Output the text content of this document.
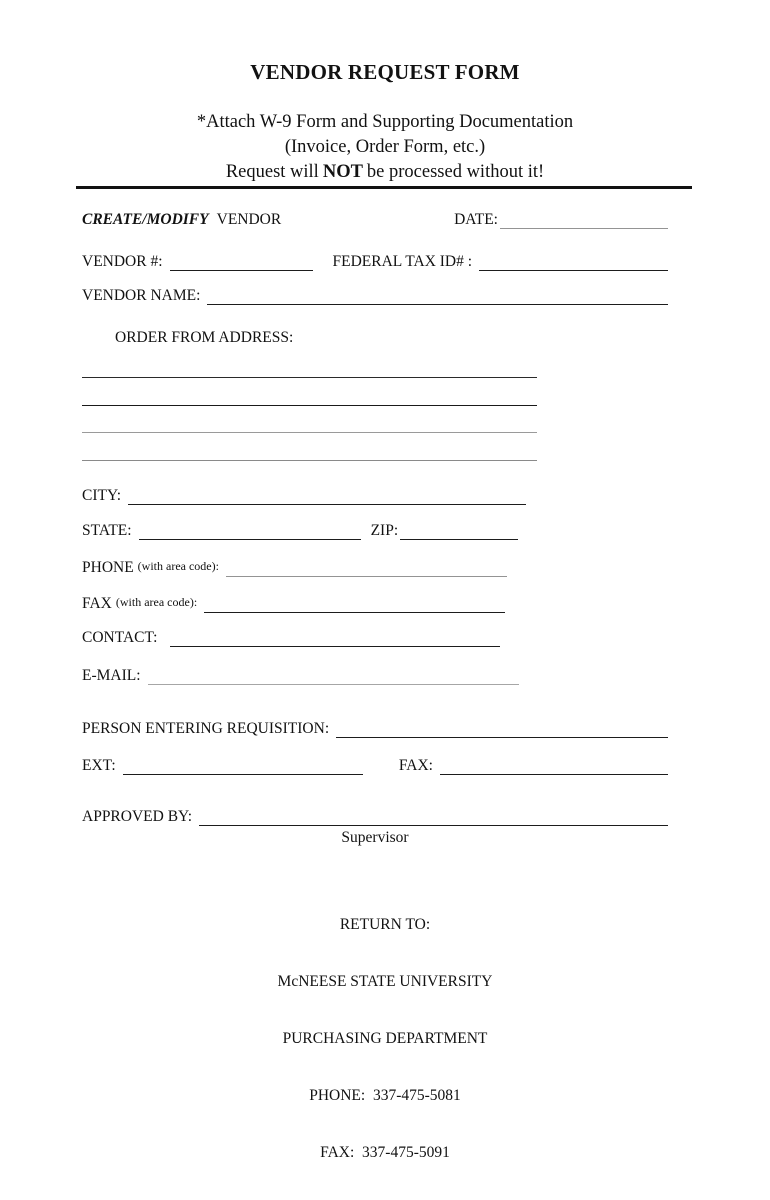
VENDOR REQUEST FORM
*Attach W-9 Form and Supporting Documentation
(Invoice, Order Form, etc.)
Request will NOT be processed without it!
CREATE/MODIFY VENDOR	DATE:
VENDOR #:	FEDERAL TAX ID# :
VENDOR NAME:
ORDER FROM ADDRESS:
CITY:
STATE:	ZIP:
PHONE (with area code):
FAX (with area code):
CONTACT:
E-MAIL:
PERSON ENTERING REQUISITION:
EXT:	FAX:
APPROVED BY:
Supervisor

RETURN TO:

McNEESE STATE UNIVERSITY

PURCHASING DEPARTMENT

PHONE:  337-475-5081

FAX:  337-475-5091
